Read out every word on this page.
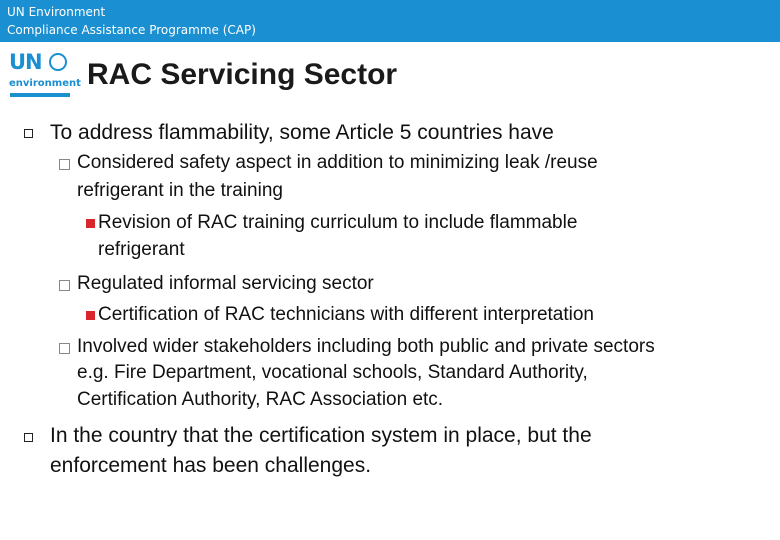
UN Environment
Compliance Assistance Programme (CAP)
UN
environment RAC Servicing Sector
To address flammability, some Article 5 countries have
Considered safety aspect in addition to minimizing leak /reuse
refrigerant in the training
Revision of RAC training curriculum to include flammable
refrigerant
Regulated informal servicing sector
Certification of RAC technicians with different interpretation
Involved wider stakeholders including both public and private sectors
e.g. Fire Department, vocational schools, Standard Authority,
Certification Authority, RAC Association etc.
In the country that the certification system in place, but the
enforcement has been challenges.
